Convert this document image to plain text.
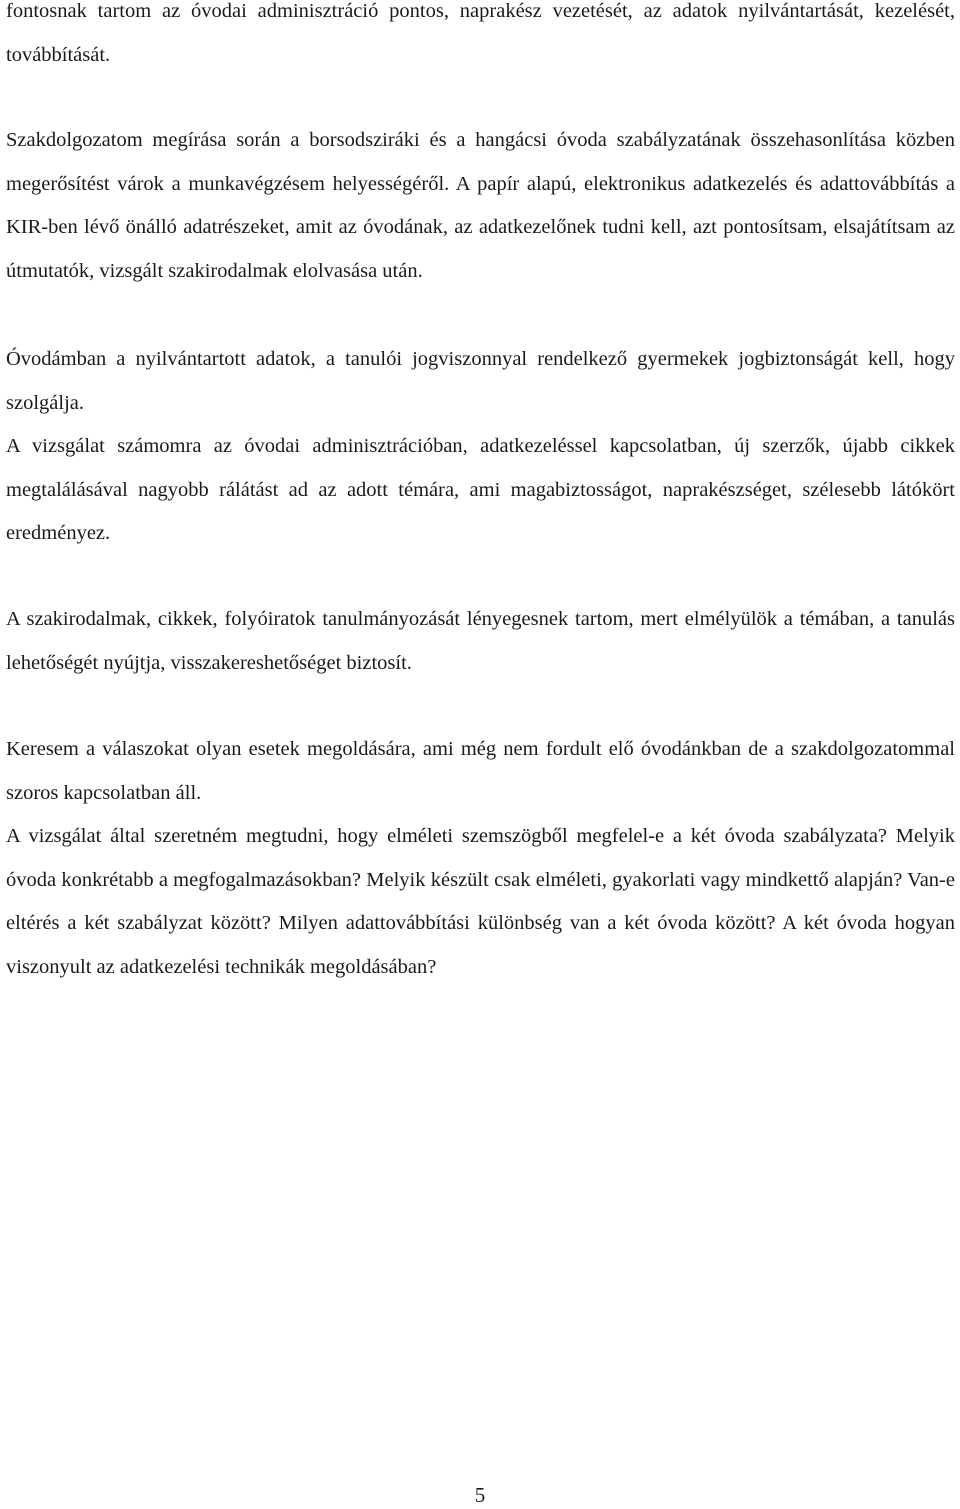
fontosnak tartom az óvodai adminisztráció pontos, naprakész vezetését, az adatok nyilvántartását, kezelését, továbbítását.

Szakdolgozatom megírása során a borsodsziráki és a hangácsi óvoda szabályzatának összehasonlítása közben megerősítést várok a munkavégzésem helyességéről. A papír alapú, elektronikus adatkezelés és adattovábbítás a KIR-ben lévő önálló adatrészeket, amit az óvodának, az adatkezelőnek tudni kell, azt pontosítsam, elsajátítsam az útmutatók, vizsgált szakirodalmak elolvasása után.

Óvodámban a nyilvántartott adatok, a tanulói jogviszonnyal rendelkező gyermekek jogbiztonságát kell, hogy szolgálja.

A vizsgálat számomra az óvodai adminisztrációban, adatkezeléssel kapcsolatban, új szerzők, újabb cikkek megtalálásával nagyobb rálátást ad az adott témára, ami magabiztosságot, naprakészséget, szélesebb látókört eredményez.

A szakirodalmak, cikkek, folyóiratok tanulmányozását lényegesnek tartom, mert elmélyülök a témában, a tanulás lehetőségét nyújtja, visszakereshetőséget biztosít.

Keresem a válaszokat olyan esetek megoldására, ami még nem fordult elő óvodánkban de a szakdolgozatommal szoros kapcsolatban áll.

A vizsgálat által szeretném megtudni, hogy elméleti szemszögből megfelel-e a két óvoda szabályzata? Melyik óvoda konkrétabb a megfogalmazásokban? Melyik készült csak elméleti, gyakorlati vagy mindkettő alapján? Van-e eltérés a két szabályzat között? Milyen adattovábbítási különbség van a két óvoda között? A két óvoda hogyan viszonyult az adatkezelési technikák megoldásában?

5
